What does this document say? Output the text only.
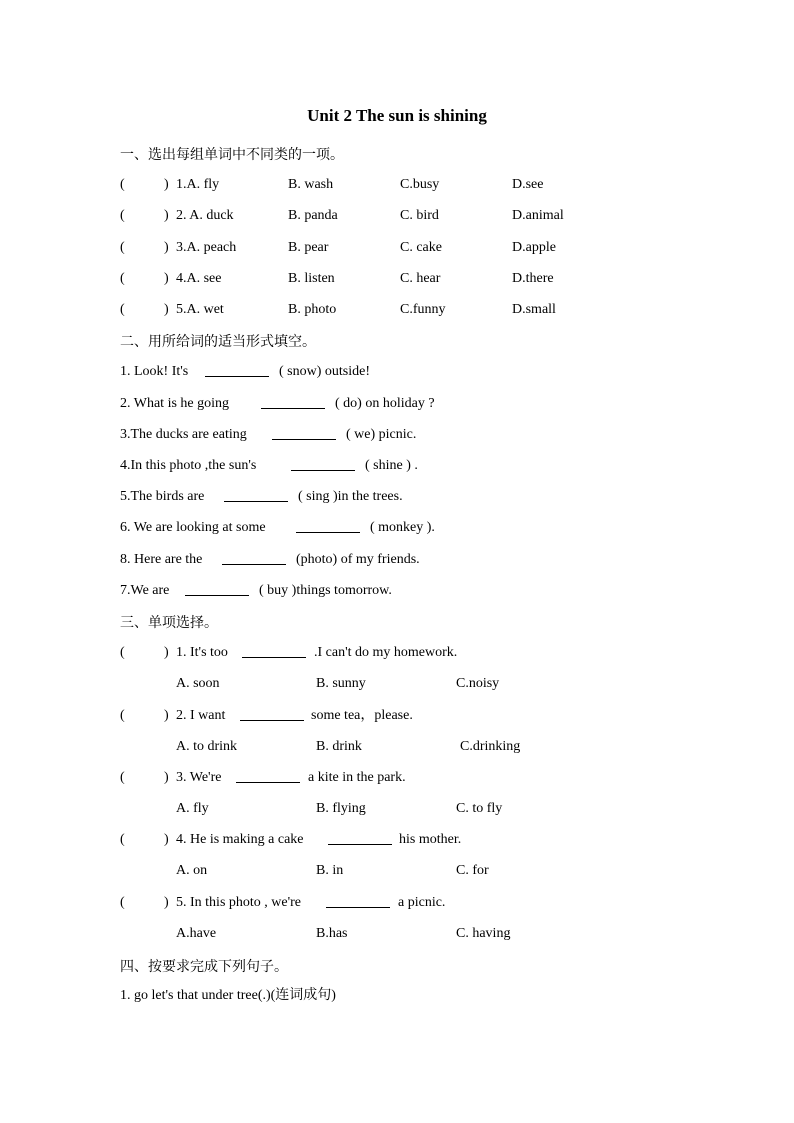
Unit 2 The sun is shining
一、选出每组单词中不同类的一项。
(	) 1.A. fly	B. wash	C.busy	D.see
(	) 2. A. duck	B. panda	C. bird	D.animal
(	) 3.A. peach	B. pear	C. cake	D.apple
(	) 4.A. see	B. listen	C. hear	D.there
(	) 5.A. wet	B. photo	C.funny	D.small
二、用所给词的适当形式填空。
1. Look! It's	( snow) outside!
2. What is he going	( do) on holiday ?
3.The ducks are eating	( we) picnic.
4.In this photo ,the sun's	( shine ) .
5.The birds are	( sing )in the trees.
6. We are looking at some	( monkey ).
8. Here are the	(photo) of my friends.
7.We are	( buy )things tomorrow.
三、单项选择。
(	) 1. It's too	.I can't do my homework.
A. soon	B. sunny	C.noisy
(	) 2. I want	some tea，please.
A. to drink	B. drink	C.drinking
(	) 3. We're	a kite in the park.
A. fly	B. flying	C. to fly
(	) 4. He is making a cake	his mother.
A. on	B. in	C. for
(	) 5. In this photo , we're	a picnic.
A.have	B.has	C. having
四、按要求完成下列句子。
1. go let's that under tree(.)(连词成句)
